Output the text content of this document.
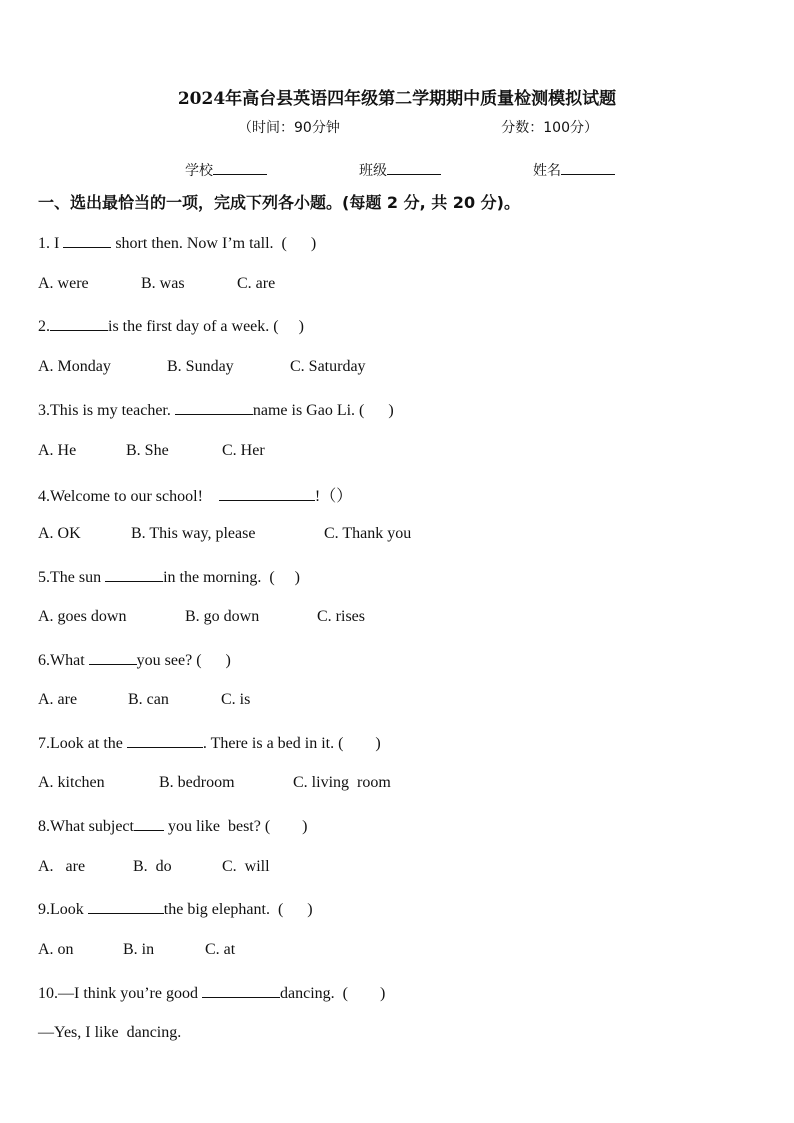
2024年高台县英语四年级第二学期期中质量检测模拟试题
（时间：90分钟	分数：100分）
学校	班级	姓名
一、选出最恰当的一项，完成下列各小题。(每题 2 分, 共 20 分)。
1. I	short then. Now I’m tall.  (      )
A. were	B. was	C. are
2.	is the first day of a week. (     )
A. Monday	B. Sunday	C. Saturday
3.This is my teacher.	name is Gao Li. (      )
A. He	B. She	C. Her
4.Welcome to our school!	!（）
A. OK	B. This way, please	C. Thank you
5.The sun	in the morning.  (     )
A. goes down	B. go down	C. rises
6.What	you see? (      )
A. are	B. can	C. is
7.Look at the	. There is a bed in it. (        )
A. kitchen	B. bedroom	C. living  room
8.What subject you like  best? (        )
A.   are	B.  do	C.  will
9.Look	the big elephant.  (      )
A. on	B. in	C. at
10.—I think you’re good	dancing.  (        )
—Yes, I like  dancing.
